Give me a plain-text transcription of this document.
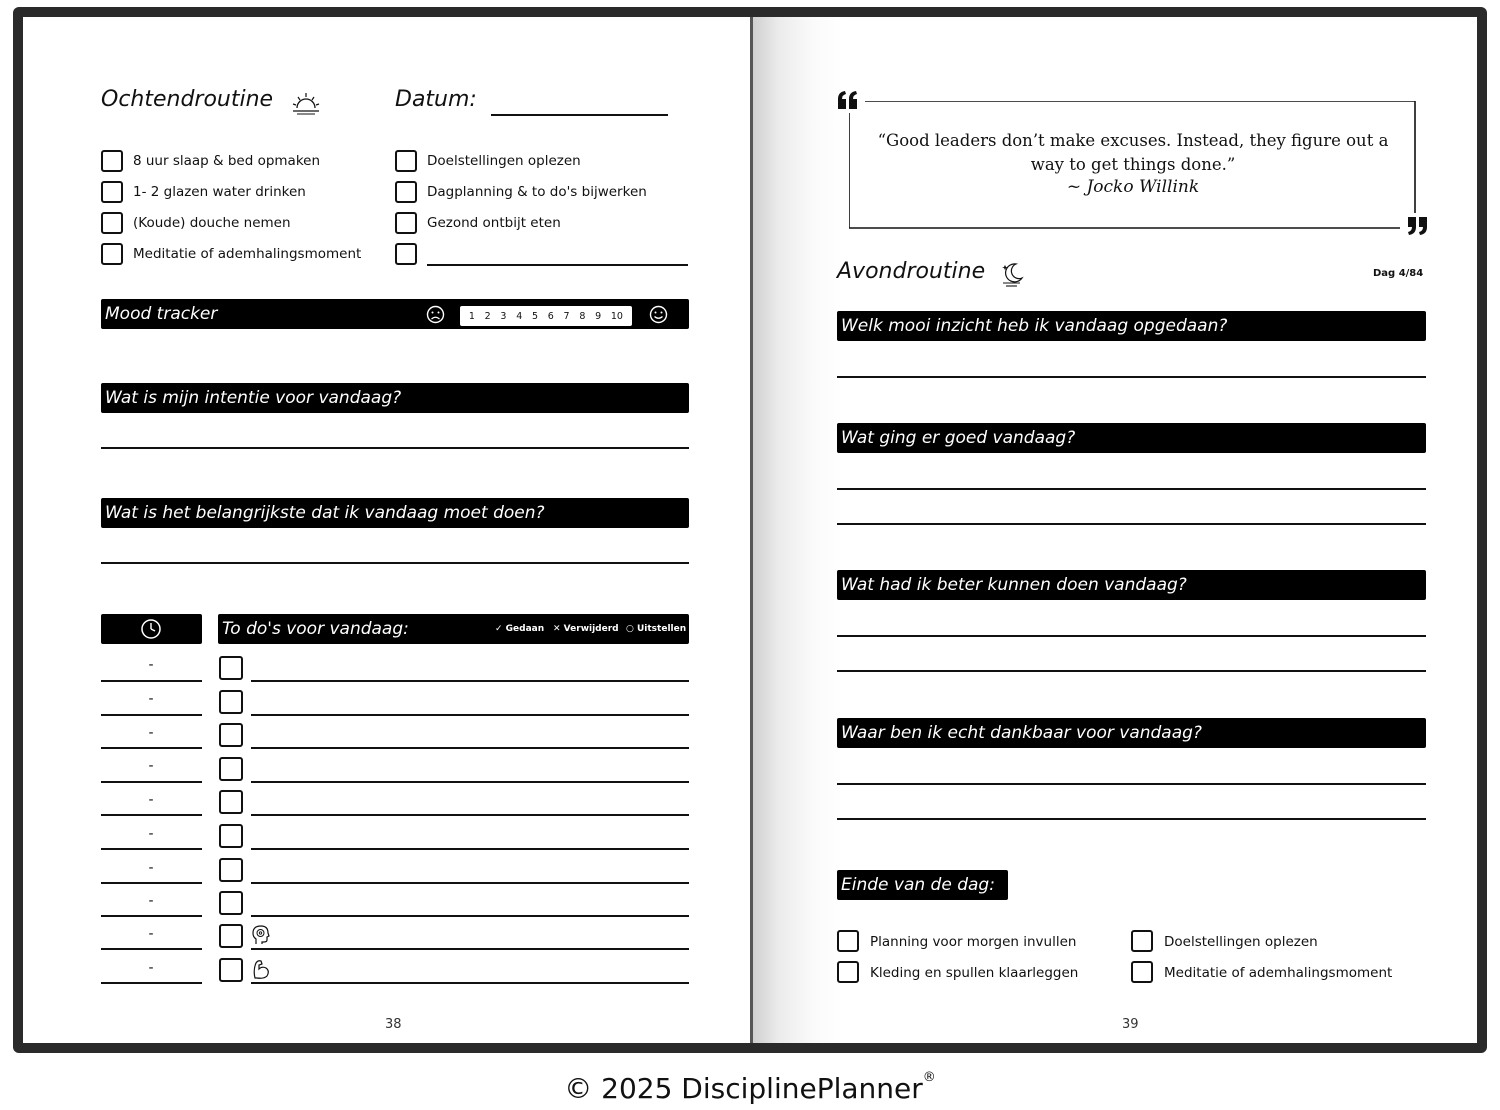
Ochtendroutine	Datum:
8 uur slaap & bed opmaken
1- 2 glazen water drinken
(Koude) douche nemen
Meditatie of ademhalingsmoment
Doelstellingen oplezen
Dagplanning & to do's bijwerken
Gezond ontbijt eten
Mood tracker	1 2 3 4 5 6 7 8 9 10
Wat is mijn intentie voor vandaag?
Wat is het belangrijkste dat ik vandaag moet doen?
To do's voor vandaag:	✓ Gedaan ✕ Verwijderd ○ Uitstellen
-
-
-
-
-
-
-
-
-
-
38
“Good leaders don’t make excuses. Instead, they figure out a way to get things done.”
~ Jocko Willink
Avondroutine	Dag 4/84
Welk mooi inzicht heb ik vandaag opgedaan?
Wat ging er goed vandaag?
Wat had ik beter kunnen doen vandaag?
Waar ben ik echt dankbaar voor vandaag?
Einde van de dag:
Planning voor morgen invullen
Kleding en spullen klaarleggen
Doelstellingen oplezen
Meditatie of ademhalingsmoment
39
© 2025 DisciplinePlanner®
